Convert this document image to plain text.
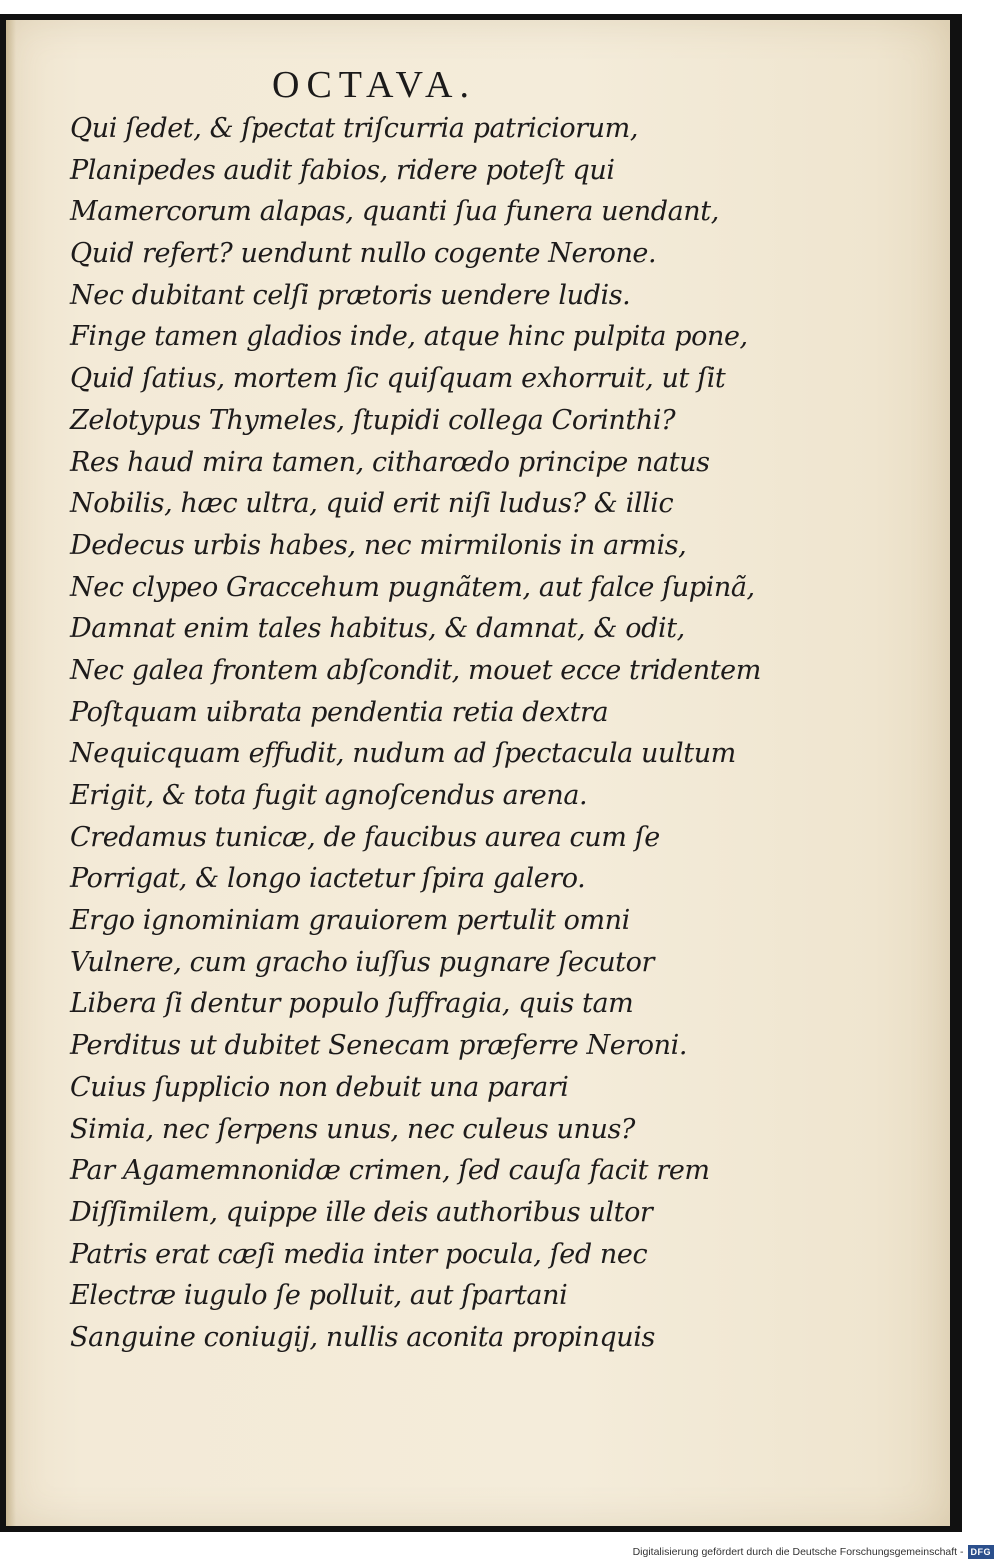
OCTAVA.
Qui ſedet, & ſpectat triſcurria patriciorum,
Planipedes audit fabios, ridere poteſt qui
Mamercorum alapas, quanti ſua funera uendant,
Quid refert? uendunt nullo cogente Nerone.
Nec dubitant celſi prætoris uendere ludis.
Finge tamen gladios inde, atque hinc pulpita pone,
Quid ſatius, mortem ſic quiſquam exhorruit, ut ſit
Zelotypus Thymeles, ſtupidi collega Corinthi?
Res haud mira tamen, citharœdo principe natus
Nobilis, hæc ultra, quid erit niſi ludus? & illic
Dedecus urbis habes, nec mirmilonis in armis,
Nec clypeo Graccehum pugnãtem, aut falce ſupinã,
Damnat enim tales habitus, & damnat, & odit,
Nec galea frontem abſcondit, mouet ecce tridentem
Poſtquam uibrata pendentia retia dextra
Nequicquam effudit, nudum ad ſpectacula uultum
Erigit, & tota fugit agnoſcendus arena.
Credamus tunicæ, de faucibus aurea cum ſe
Porrigat, & longo iactetur ſpira galero.
Ergo ignominiam grauiorem pertulit omni
Vulnere, cum gracho iuſſus pugnare ſecutor
Libera ſi dentur populo ſuffragia, quis tam
Perditus ut dubitet Senecam præferre Neroni.
Cuius ſupplicio non debuit una parari
Simia, nec ſerpens unus, nec culeus unus?
Par Agamemnonidæ crimen, ſed cauſa facit rem
Diſſimilem, quippe ille deis authoribus ultor
Patris erat cæſi media inter pocula, ſed nec
Electræ iugulo ſe polluit, aut ſpartani
Sanguine coniugij, nullis aconita propinquis
Digitalisierung gefördert durch die Deutsche Forschungsgemeinschaft - DFG
